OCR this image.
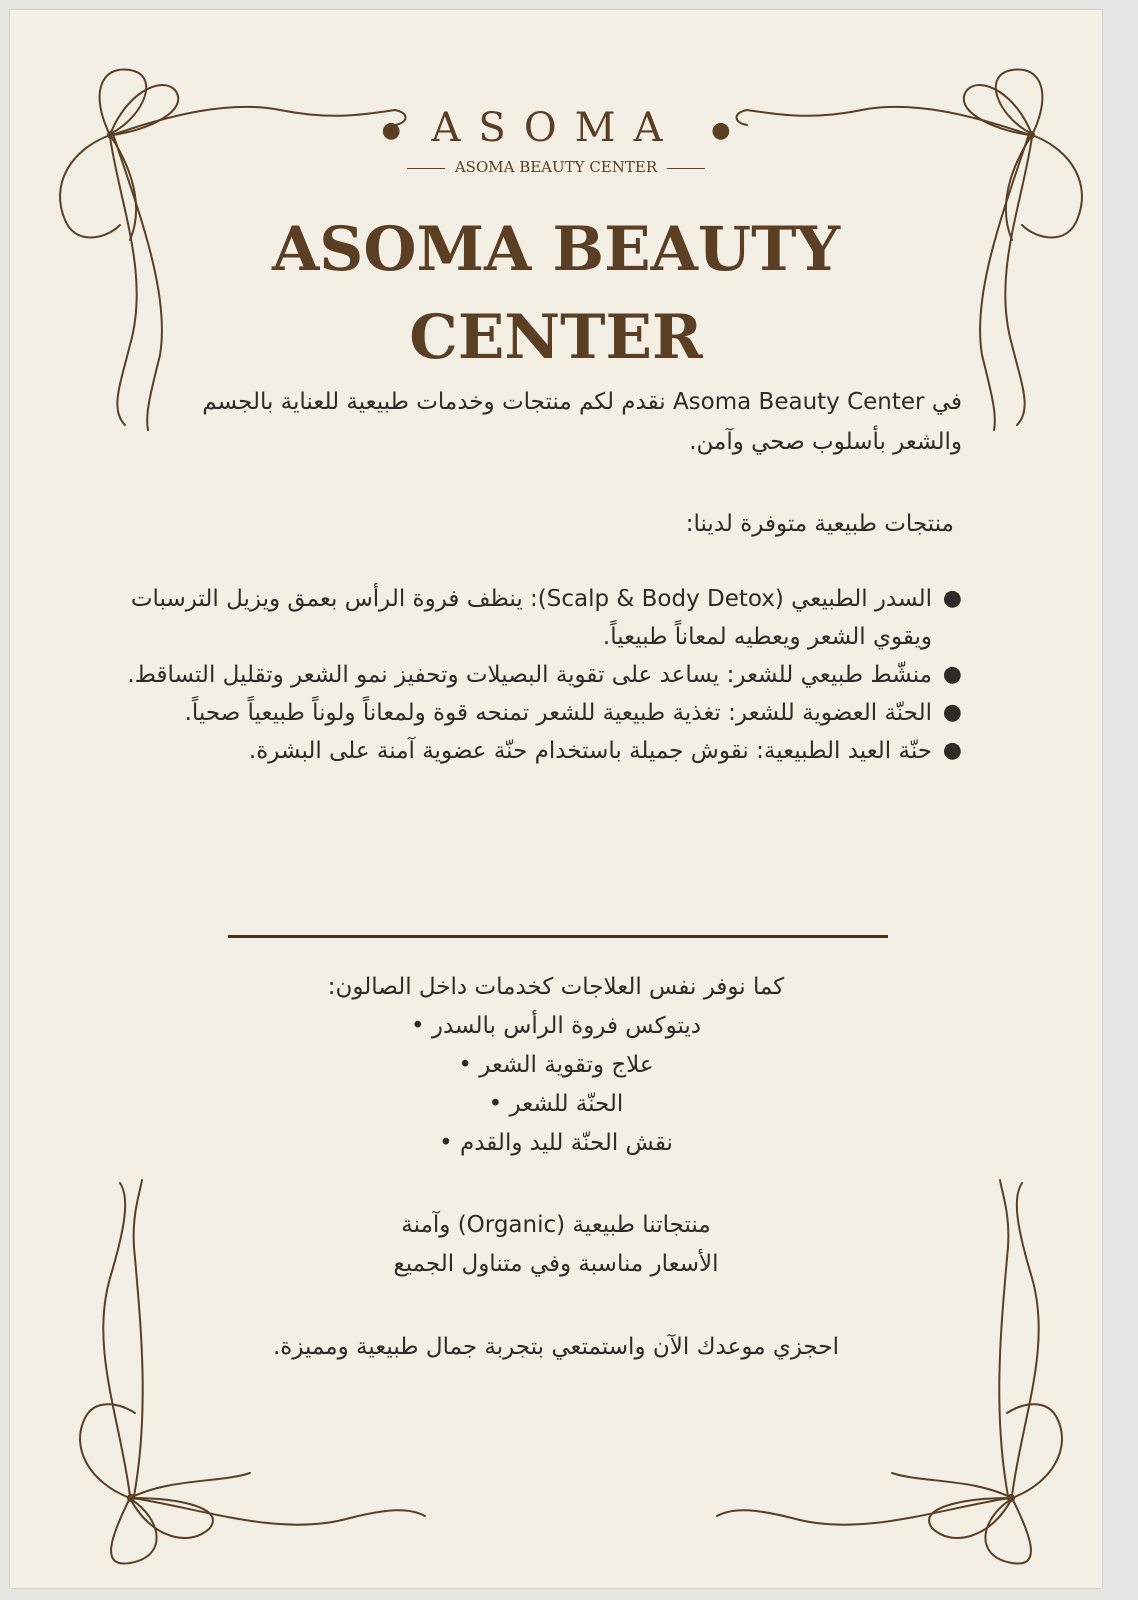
● ASOMA ●
ASOMA BEAUTY CENTER
ASOMA BEAUTY CENTER

في Asoma Beauty Center نقدم لكم منتجات وخدمات طبيعية للعناية بالجسم والشعر بأسلوب صحي وآمن.

منتجات طبيعية متوفرة لدينا:

●
السدر الطبيعي (Scalp & Body Detox): ينظف فروة الرأس بعمق ويزيل الترسبات ويقوي الشعر ويعطيه لمعاناً طبيعياً.
●
منشّط طبيعي للشعر: يساعد على تقوية البصيلات وتحفيز نمو الشعر وتقليل التساقط.
●
الحنّة العضوية للشعر: تغذية طبيعية للشعر تمنحه قوة ولمعاناً ولوناً طبيعياً صحياً.
●
حنّة العيد الطبيعية: نقوش جميلة باستخدام حنّة عضوية آمنة على البشرة.
كما نوفر نفس العلاجات كخدمات داخل الصالون:
ديتوكس فروة الرأس بالسدر •
علاج وتقوية الشعر •
الحنّة للشعر •
نقش الحنّة لليد والقدم •
منتجاتنا طبيعية (Organic) وآمنة
الأسعار مناسبة وفي متناول الجميع
احجزي موعدك الآن واستمتعي بتجربة جمال طبيعية ومميزة.
